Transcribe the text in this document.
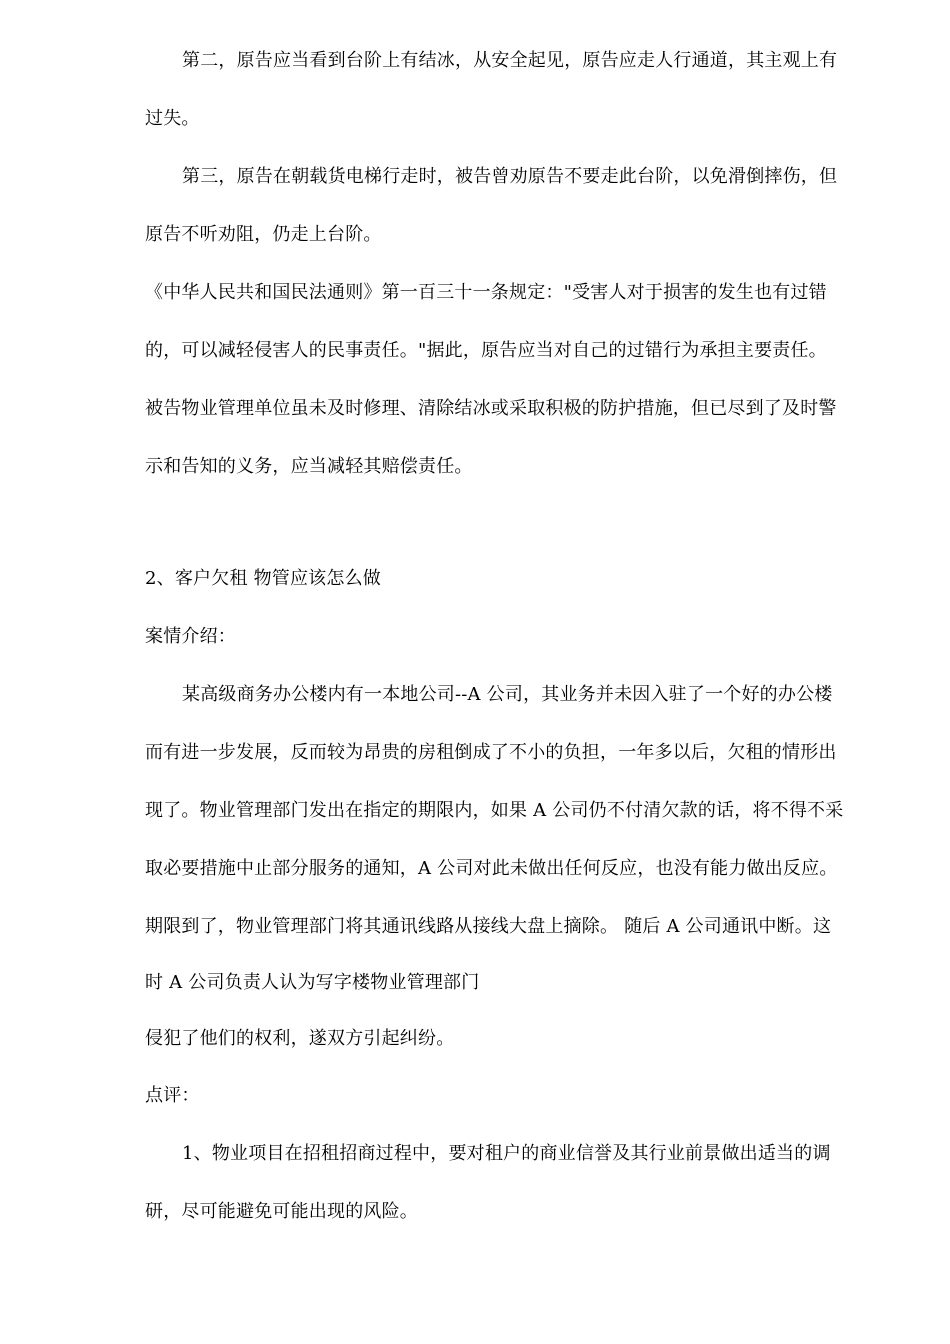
第二，原告应当看到台阶上有结冰，从安全起见，原告应走人行通道，其主观上有
过失。
第三，原告在朝载货电梯行走时，被告曾劝原告不要走此台阶，以免滑倒摔伤，但
原告不听劝阻，仍走上台阶。
《中华人民共和国民法通则》第一百三十一条规定："受害人对于损害的发生也有过错
的，可以减轻侵害人的民事责任。"据此，原告应当对自己的过错行为承担主要责任。
被告物业管理单位虽未及时修理、清除结冰或采取积极的防护措施，但已尽到了及时警
示和告知的义务，应当减轻其赔偿责任。
2、客户欠租 物管应该怎么做
案情介绍：
某高级商务办公楼内有一本地公司--A 公司，其业务并未因入驻了一个好的办公楼
而有进一步发展，反而较为昂贵的房租倒成了不小的负担，一年多以后，欠租的情形出
现了。物业管理部门发出在指定的期限内，如果 A 公司仍不付清欠款的话，将不得不采
取必要措施中止部分服务的通知，A 公司对此未做出任何反应，也没有能力做出反应。
期限到了，物业管理部门将其通讯线路从接线大盘上摘除。 随后 A 公司通讯中断。这
时 A 公司负责人认为写字楼物业管理部门
侵犯了他们的权利，遂双方引起纠纷。
点评：
1、物业项目在招租招商过程中，要对租户的商业信誉及其行业前景做出适当的调
研，尽可能避免可能出现的风险。
